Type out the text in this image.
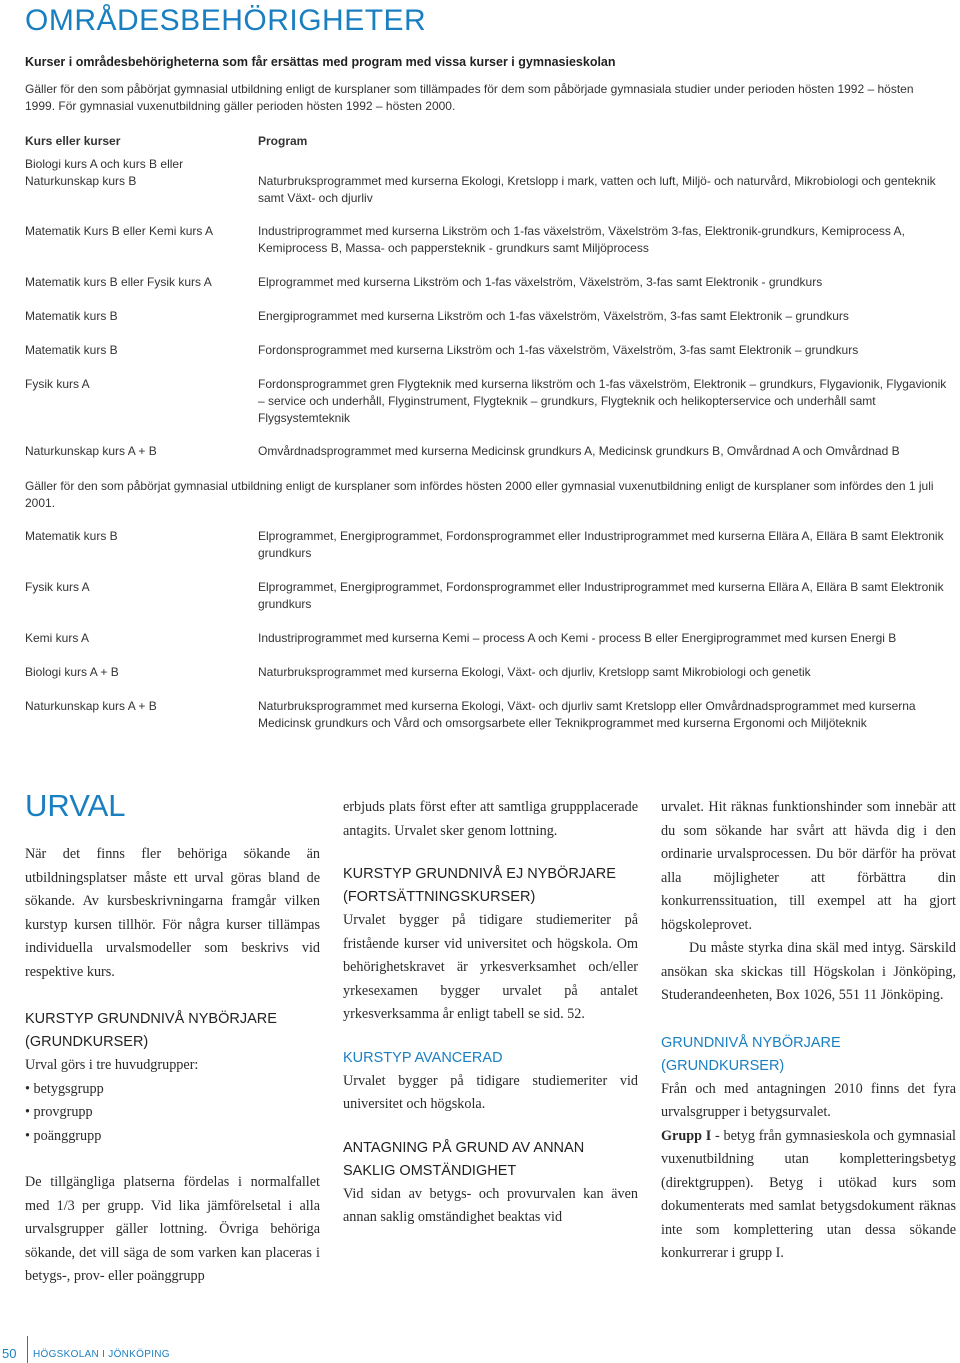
OMRÅDESBEHÖRIGHETER

Kurser i områdesbehörigheterna som får ersättas med program med vissa kurser i gymnasieskolan

Gäller för den som påbörjat gymnasial utbildning enligt de kursplaner som tillämpades för dem som påbörjade gymnasiala studier under perioden hösten 1992 – hösten 1999. För gymnasial vuxenutbildning gäller perioden hösten 1992 – hösten 2000.

Kurs eller kurser	Program
Biologi kurs A och kurs B eller Naturkunskap kurs B	Naturbruksprogrammet med kurserna Ekologi, Kretslopp i mark, vatten och luft, Miljö- och naturvård, Mikrobiologi och genteknik samt Växt- och djurliv
Matematik Kurs B eller Kemi kurs A	Industriprogrammet med kurserna Likström och 1-fas växelström, Växelström 3-fas, Elektronik-grundkurs, Kemiprocess A, Kemiprocess B, Massa- och pappersteknik - grundkurs samt Miljöprocess
Matematik kurs B eller Fysik kurs A	Elprogrammet med kurserna Likström och 1-fas växelström, Växelström, 3-fas samt Elektronik - grundkurs
Matematik kurs B	Energiprogrammet med kurserna Likström och 1-fas växelström, Växelström, 3-fas samt Elektronik – grundkurs
Matematik kurs B	Fordonsprogrammet med kurserna Likström och 1-fas växelström, Växelström, 3-fas samt Elektronik – grundkurs
Fysik kurs A	Fordonsprogrammet gren Flygteknik med kurserna likström och 1-fas växelström, Elektronik – grundkurs, Flygavionik, Flygavionik – service och underhåll, Flyginstrument, Flygteknik – grundkurs, Flygteknik och helikopterservice och underhåll samt Flygsystemteknik
Naturkunskap kurs A + B	Omvårdnadsprogrammet med kurserna Medicinsk grundkurs A, Medicinsk grundkurs B, Omvårdnad A och Omvårdnad B

Gäller för den som påbörjat gymnasial utbildning enligt de kursplaner som infördes hösten 2000 eller gymnasial vuxenutbildning enligt de kursplaner som infördes den 1 juli 2001.

Matematik kurs B	Elprogrammet, Energiprogrammet, Fordonsprogrammet eller Industriprogrammet med kurserna Ellära A, Ellära B samt Elektronik grundkurs
Fysik kurs A	Elprogrammet, Energiprogrammet, Fordonsprogrammet eller Industriprogrammet med kurserna Ellära A, Ellära B samt Elektronik grundkurs
Kemi kurs A	Industriprogrammet med kurserna Kemi – process A och Kemi - process B eller Energiprogrammet med kursen Energi B
Biologi kurs A + B	Naturbruksprogrammet med kurserna Ekologi, Växt- och djurliv, Kretslopp samt Mikrobiologi och genetik
Naturkunskap kurs A + B	Naturbruksprogrammet med kurserna Ekologi, Växt- och djurliv samt Kretslopp eller Omvårdnadsprogrammet med kurserna Medicinsk grundkurs och Vård och omsorgsarbete eller Teknikprogrammet med kurserna Ergonomi och Miljöteknik
URVAL

När det finns fler behöriga sökande än utbildningsplatser måste ett urval göras bland de sökande. Av kursbeskrivningarna framgår vilken kurstyp kursen tillhör. För några kurser tillämpas individuella urvalsmodeller som beskrivs vid respektive kurs.

KURSTYP GRUNDNIVÅ NYBÖRJARE (GRUNDKURSER)

Urval görs i tre huvudgrupper:

• betygsgrupp
• provgrupp
• poänggrupp

De tillgängliga platserna fördelas i normalfallet med 1/3 per grupp. Vid lika jämförelsetal i alla urvalsgrupper gäller lottning. Övriga behöriga sökande, det vill säga de som varken kan placeras i betygs-, prov- eller poänggrupp

erbjuds plats först efter att samtliga gruppplacerade antagits. Urvalet sker genom lottning.

KURSTYP GRUNDNIVÅ EJ NYBÖRJARE (FORTSÄTTNINGSKURSER)

Urvalet bygger på tidigare studiemeriter på fristående kurser vid universitet och högskola. Om behörighetskravet är yrkesverksamhet och/eller yrkesexamen bygger urvalet på antalet yrkesverksamma år enligt tabell se sid. 52.

KURSTYP AVANCERAD

Urvalet bygger på tidigare studiemeriter vid universitet och högskola.

ANTAGNING PÅ GRUND AV ANNAN SAKLIG OMSTÄNDIGHET

Vid sidan av betygs- och provurvalen kan även annan saklig omständighet beaktas vid

urvalet. Hit räknas funktionshinder som innebär att du som sökande har svårt att hävda dig i den ordinarie urvalsprocessen. Du bör därför ha prövat alla möjligheter att förbättra din konkurrenssituation, till exempel att ha gjort högskoleprovet.

Du måste styrka dina skäl med intyg. Särskild ansökan ska skickas till Högskolan i Jönköping, Studerandeenheten, Box 1026, 551 11 Jönköping.

GRUNDNIVÅ NYBÖRJARE (GRUNDKURSER)

Från och med antagningen 2010 finns det fyra urvalsgrupper i betygsurvalet.

Grupp I - betyg från gymnasieskola och gymnasial vuxenutbildning utan kompletteringsbetyg (direktgruppen). Betyg i utökad kurs som dokumenterats med samlat betygsdokument räknas inte som komplettering utan dessa sökande konkurrerar i grupp I.

50 HÖGSKOLAN I JÖNKÖPING
